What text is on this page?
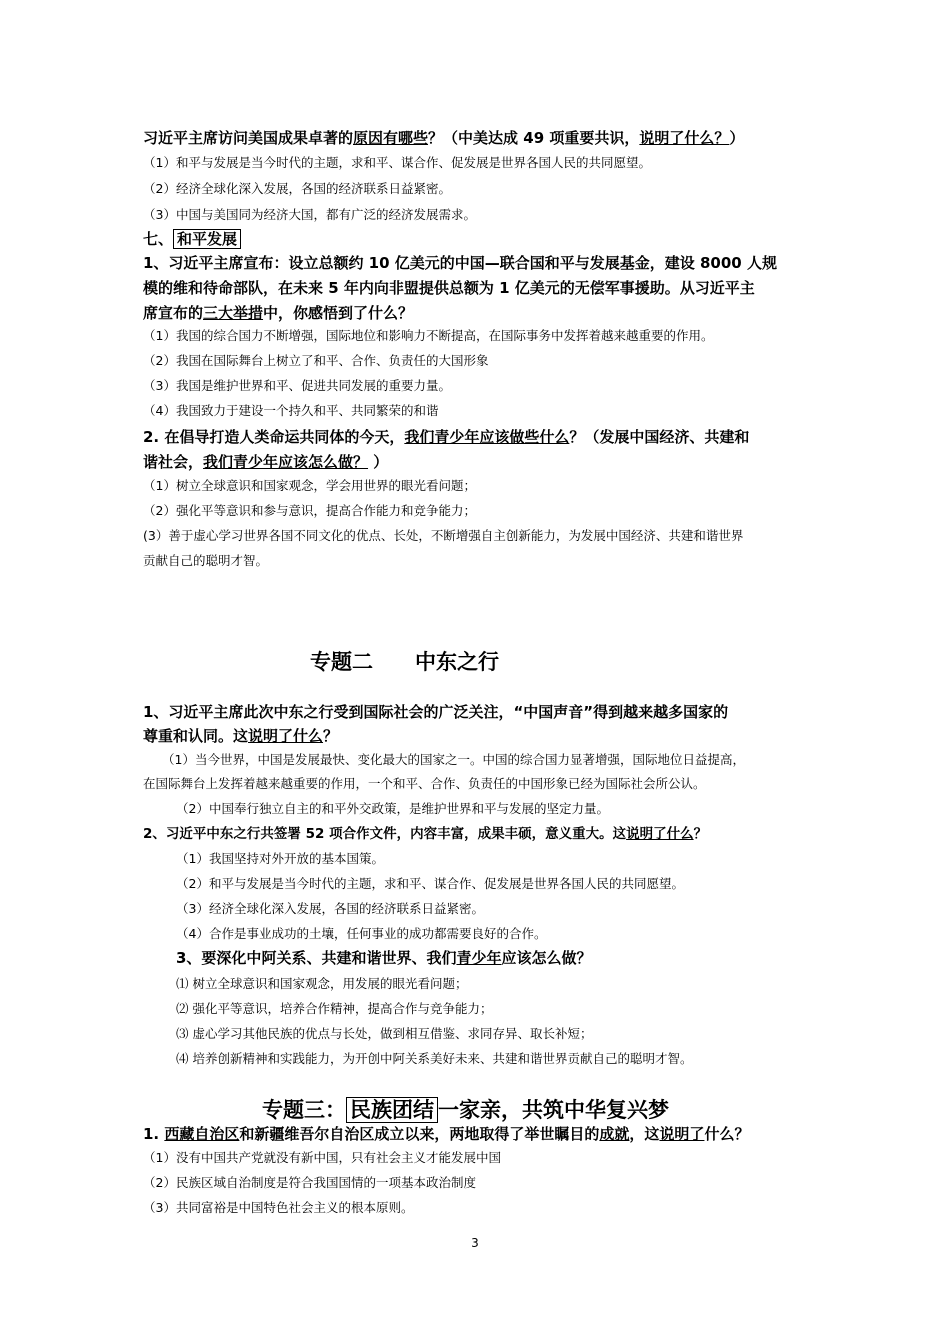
习近平主席访问美国成果卓著的原因有哪些？（中美达成 49 项重要共识，说明了什么？）
（1）和平与发展是当今时代的主题，求和平、谋合作、促发展是世界各国人民的共同愿望。
（2）经济全球化深入发展，各国的经济联系日益紧密。
（3）中国与美国同为经济大国，都有广泛的经济发展需求。
七、 和平发展
1、习近平主席宣布：设立总额约 10 亿美元的中国—联合国和平与发展基金，建设 8000 人规
模的维和待命部队，在未来 5 年内向非盟提供总额为 1 亿美元的无偿军事援助。从习近平主
席宣布的三大举措中，你感悟到了什么？
（1）我国的综合国力不断增强，国际地位和影响力不断提高，在国际事务中发挥着越来越重要的作用。
（2）我国在国际舞台上树立了和平、合作、负责任的大国形象
（3）我国是维护世界和平、促进共同发展的重要力量。
（4）我国致力于建设一个持久和平、共同繁荣的和谐
2. 在倡导打造人类命运共同体的今天，我们青少年应该做些什么？（发展中国经济、共建和
谐社会，我们青少年应该怎么做？ ）
（1）树立全球意识和国家观念，学会用世界的眼光看问题；
（2）强化平等意识和参与意识，提高合作能力和竞争能力；
(3）善于虚心学习世界各国不同文化的优点、长处，不断增强自主创新能力，为发展中国经济、共建和谐世界
贡献自己的聪明才智。
专题二 中东之行
1、习近平主席此次中东之行受到国际社会的广泛关注，“中国声音”得到越来越多国家的
尊重和认同。这说明了什么？
（1）当今世界，中国是发展最快、变化最大的国家之一。中国的综合国力显著增强，国际地位日益提高，
在国际舞台上发挥着越来越重要的作用，一个和平、合作、负责任的中国形象已经为国际社会所公认。
（2）中国奉行独立自主的和平外交政策，是维护世界和平与发展的坚定力量。
2、习近平中东之行共签署 52 项合作文件，内容丰富，成果丰硕，意义重大。这说明了什么？
（1）我国坚持对外开放的基本国策。
（2）和平与发展是当今时代的主题，求和平、谋合作、促发展是世界各国人民的共同愿望。
（3）经济全球化深入发展，各国的经济联系日益紧密。
（4）合作是事业成功的土壤，任何事业的成功都需要良好的合作。
3、要深化中阿关系、共建和谐世界、我们青少年应该怎么做？
⑴ 树立全球意识和国家观念，用发展的眼光看问题；
⑵ 强化平等意识，培养合作精神，提高合作与竞争能力；
⑶ 虚心学习其他民族的优点与长处，做到相互借鉴、求同存异、取长补短；
⑷ 培养创新精神和实践能力，为开创中阿关系美好未来、共建和谐世界贡献自己的聪明才智。
专题三： 民族团结 一家亲，共筑中华复兴梦
1. 西藏自治区和新疆维吾尔自治区成立以来，两地取得了举世瞩目的成就，这说明了什么？
（1）没有中国共产党就没有新中国，只有社会主义才能发展中国
（2）民族区域自治制度是符合我国国情的一项基本政治制度
（3）共同富裕是中国特色社会主义的根本原则。
3
